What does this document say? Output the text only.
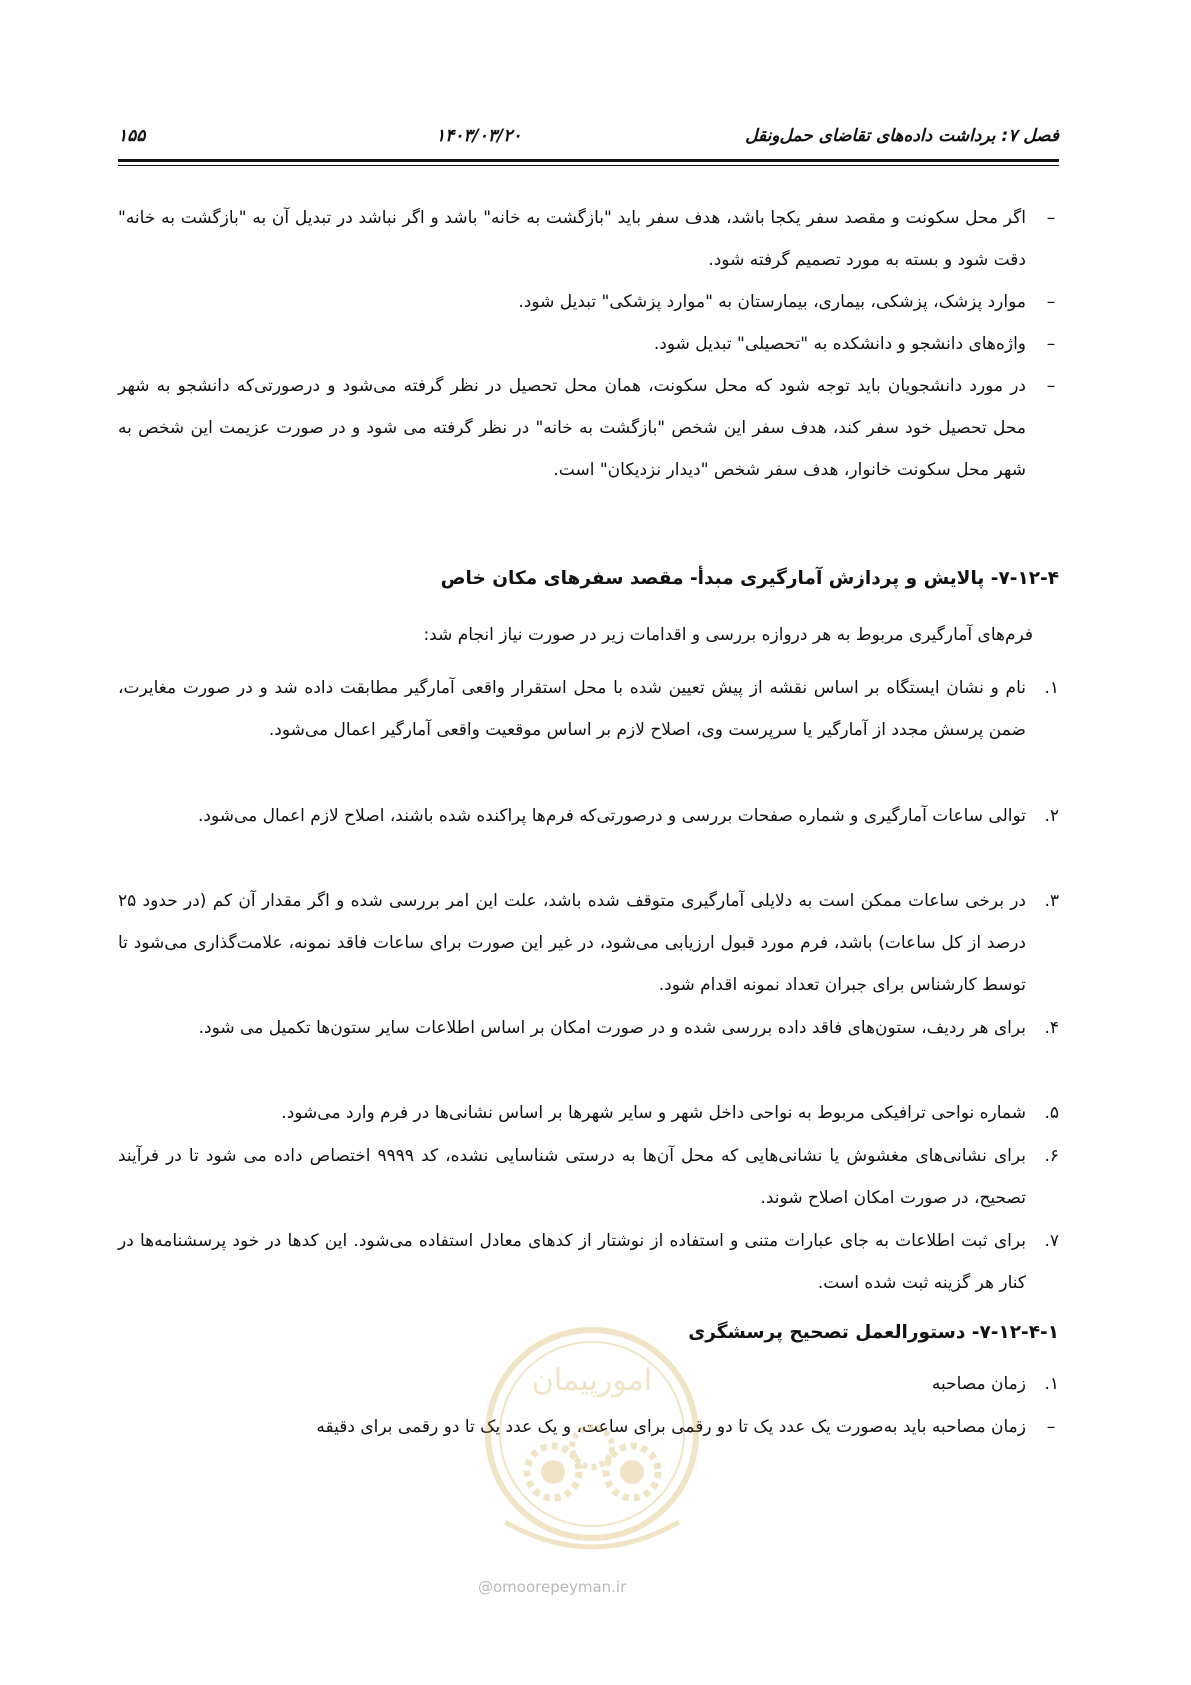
فصل ۷: برداشت داده‌های تقاضای حمل‌ونقل
۱۴۰۳/۰۳/۲۰
۱۵۵
–
اگر محل سکونت و مقصد سفر یکجا باشد، هدف سفر باید "بازگشت به خانه" باشد و اگر نباشد در تبدیل آن به "بازگشت به خانه" دقت شود و بسته به مورد تصمیم گرفته شود.
–
موارد پزشک، پزشکی، بیماری، بیمارستان به "موارد پزشکی" تبدیل شود.
–
واژه‌های دانشجو و دانشکده به "تحصیلی" تبدیل شود.
–
در مورد دانشجویان باید توجه شود که محل سکونت، همان محل تحصیل در نظر گرفته می‌شود و درصورتی‌که دانشجو به شهر محل تحصیل خود سفر کند، هدف سفر این شخص "بازگشت به خانه" در نظر گرفته می شود و در صورت عزیمت این شخص به شهر محل سکونت خانوار، هدف سفر شخص "دیدار نزدیکان" است.
۷-۱۲-۴- پالایش و پردازش آمارگیری مبدأ- مقصد سفرهای مکان خاص
فرم‌های آمارگیری مربوط به هر دروازه بررسی و اقدامات زیر در صورت نیاز انجام شد:
۱.
نام و نشان ایستگاه بر اساس نقشه از پیش تعیین شده با محل استقرار واقعی آمارگیر مطابقت داده شد و در صورت مغایرت، ضمن پرسش مجدد از آمارگیر یا سرپرست وی، اصلاح لازم بر اساس موقعیت واقعی آمارگیر اعمال می‌شود.
۲.
توالی ساعات آمارگیری و شماره صفحات بررسی و درصورتی‌که فرم‌ها پراکنده شده باشند، اصلاح لازم اعمال می‌شود.
۳.
در برخی ساعات ممکن است به دلایلی آمارگیری متوقف شده باشد، علت این امر بررسی شده و اگر مقدار آن کم (در حدود ۲۵ درصد از کل ساعات) باشد، فرم مورد قبول ارزیابی می‌شود، در غیر این صورت برای ساعات فاقد نمونه، علامت‌گذاری می‌شود تا توسط کارشناس برای جبران تعداد نمونه اقدام شود.
۴.
برای هر ردیف، ستون‌های فاقد داده بررسی شده و در صورت امکان بر اساس اطلاعات سایر ستون‌ها تکمیل می شود.
۵.
شماره نواحی ترافیکی مربوط به نواحی داخل شهر و سایر شهرها بر اساس نشانی‌ها در فرم وارد می‌شود.
۶.
برای نشانی‌های مغشوش یا نشانی‌هایی که محل آن‌ها به درستی شناسایی نشده، کد ۹۹۹۹ اختصاص داده می شود تا در فرآیند تصحیح، در صورت امکان اصلاح شوند.
۷.
برای ثبت اطلاعات به جای عبارات متنی و استفاده از نوشتار از کدهای معادل استفاده می‌شود. این کدها در خود پرسشنامه‌ها در کنار هر گزینه ثبت شده است.
۷-۱۲-۴-۱- دستورالعمل تصحیح پرسشگری
۱.
زمان مصاحبه
–
زمان مصاحبه باید به‌صورت یک عدد یک تا دو رقمی برای ساعت، و یک عدد یک تا دو رقمی برای دقیقه
امورپیمان
@omoorepeyman.ir
